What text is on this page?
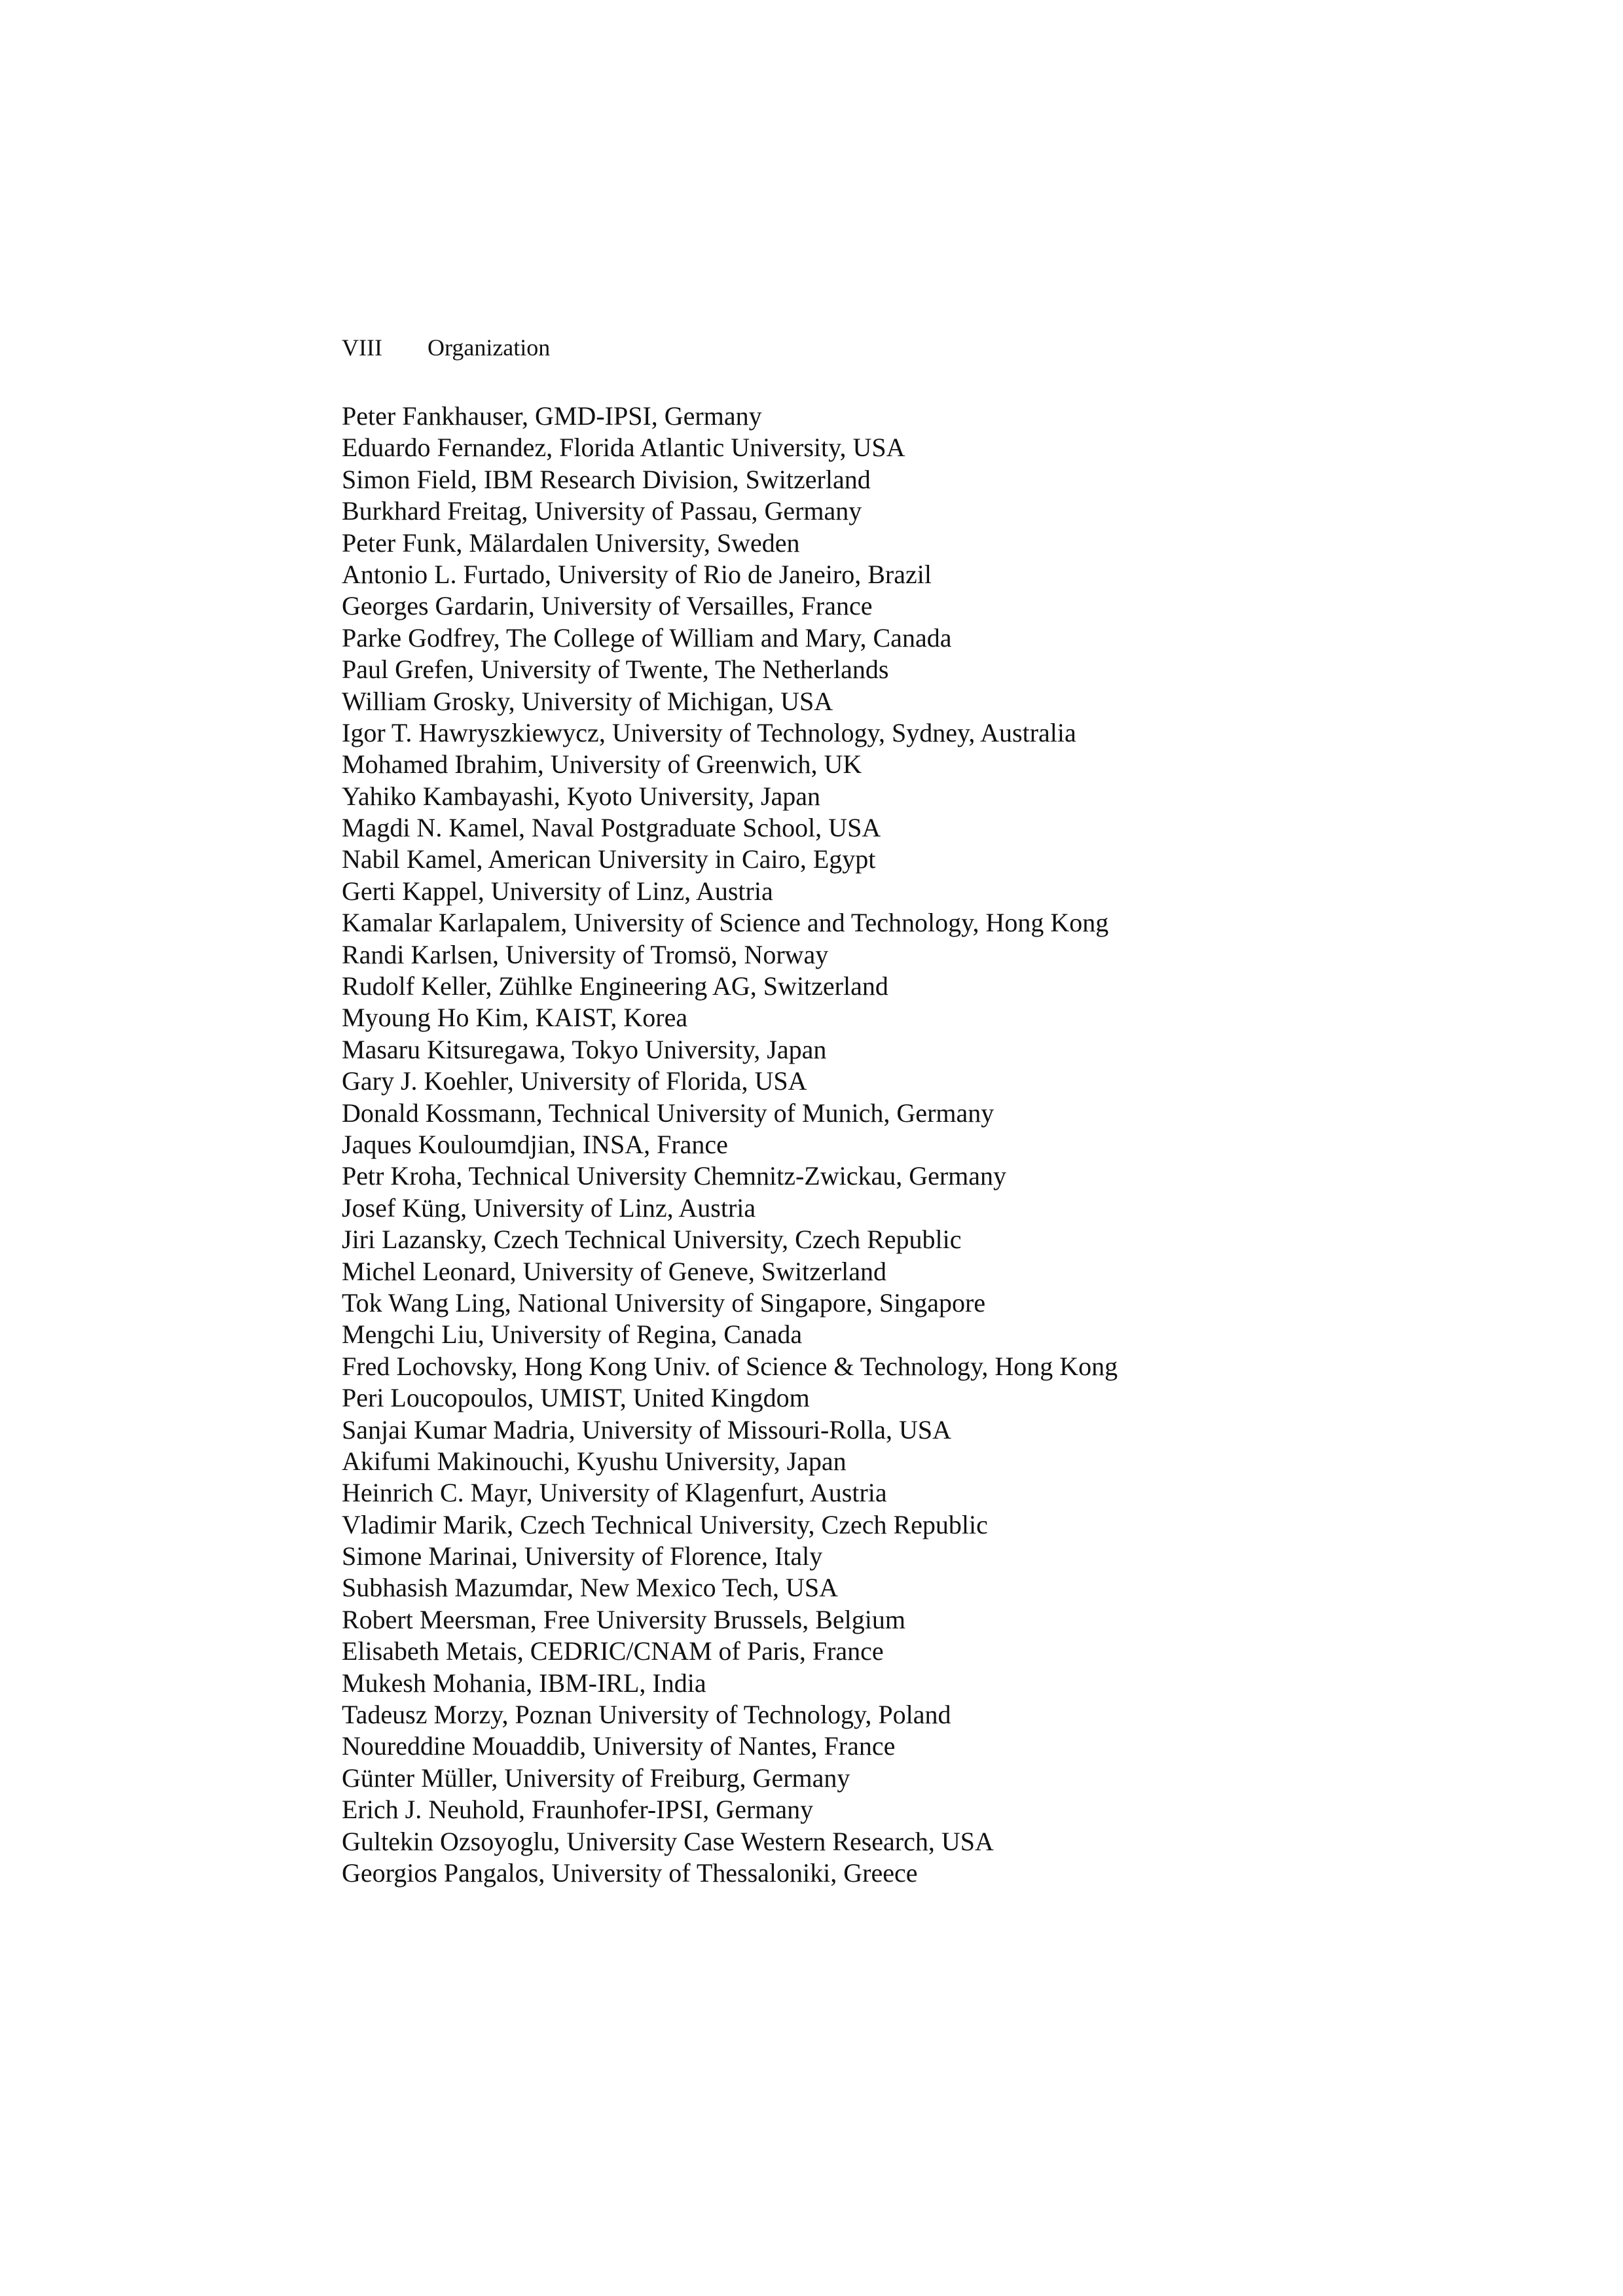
VIII	Organization
Peter Fankhauser, GMD-IPSI, Germany
Eduardo Fernandez, Florida Atlantic University, USA
Simon Field, IBM Research Division, Switzerland
Burkhard Freitag, University of Passau, Germany
Peter Funk, Mälardalen University, Sweden
Antonio L. Furtado, University of Rio de Janeiro, Brazil
Georges Gardarin, University of Versailles, France
Parke Godfrey, The College of William and Mary, Canada
Paul Grefen, University of Twente, The Netherlands
William Grosky, University of Michigan, USA
Igor T. Hawryszkiewycz, University of Technology, Sydney, Australia
Mohamed Ibrahim, University of Greenwich, UK
Yahiko Kambayashi, Kyoto University, Japan
Magdi N. Kamel, Naval Postgraduate School, USA
Nabil Kamel, American University in Cairo, Egypt
Gerti Kappel, University of Linz, Austria
Kamalar Karlapalem, University of Science and Technology, Hong Kong
Randi Karlsen, University of Tromsö, Norway
Rudolf Keller, Zühlke Engineering AG, Switzerland
Myoung Ho Kim, KAIST, Korea
Masaru Kitsuregawa, Tokyo University, Japan
Gary J. Koehler, University of Florida, USA
Donald Kossmann, Technical University of Munich, Germany
Jaques Kouloumdjian, INSA, France
Petr Kroha, Technical University Chemnitz-Zwickau, Germany
Josef Küng, University of Linz, Austria
Jiri Lazansky, Czech Technical University, Czech Republic
Michel Leonard, University of Geneve, Switzerland
Tok Wang Ling, National University of Singapore, Singapore
Mengchi Liu, University of Regina, Canada
Fred Lochovsky, Hong Kong Univ. of Science & Technology, Hong Kong
Peri Loucopoulos, UMIST, United Kingdom
Sanjai Kumar Madria, University of Missouri-Rolla, USA
Akifumi Makinouchi, Kyushu University, Japan
Heinrich C. Mayr, University of Klagenfurt, Austria
Vladimir Marik, Czech Technical University, Czech Republic
Simone Marinai, University of Florence, Italy
Subhasish Mazumdar, New Mexico Tech, USA
Robert Meersman, Free University Brussels, Belgium
Elisabeth Metais, CEDRIC/CNAM of Paris, France
Mukesh Mohania, IBM-IRL, India
Tadeusz Morzy, Poznan University of Technology, Poland
Noureddine Mouaddib, University of Nantes, France
Günter Müller, University of Freiburg, Germany
Erich J. Neuhold, Fraunhofer-IPSI, Germany
Gultekin Ozsoyoglu, University Case Western Research, USA
Georgios Pangalos, University of Thessaloniki, Greece
